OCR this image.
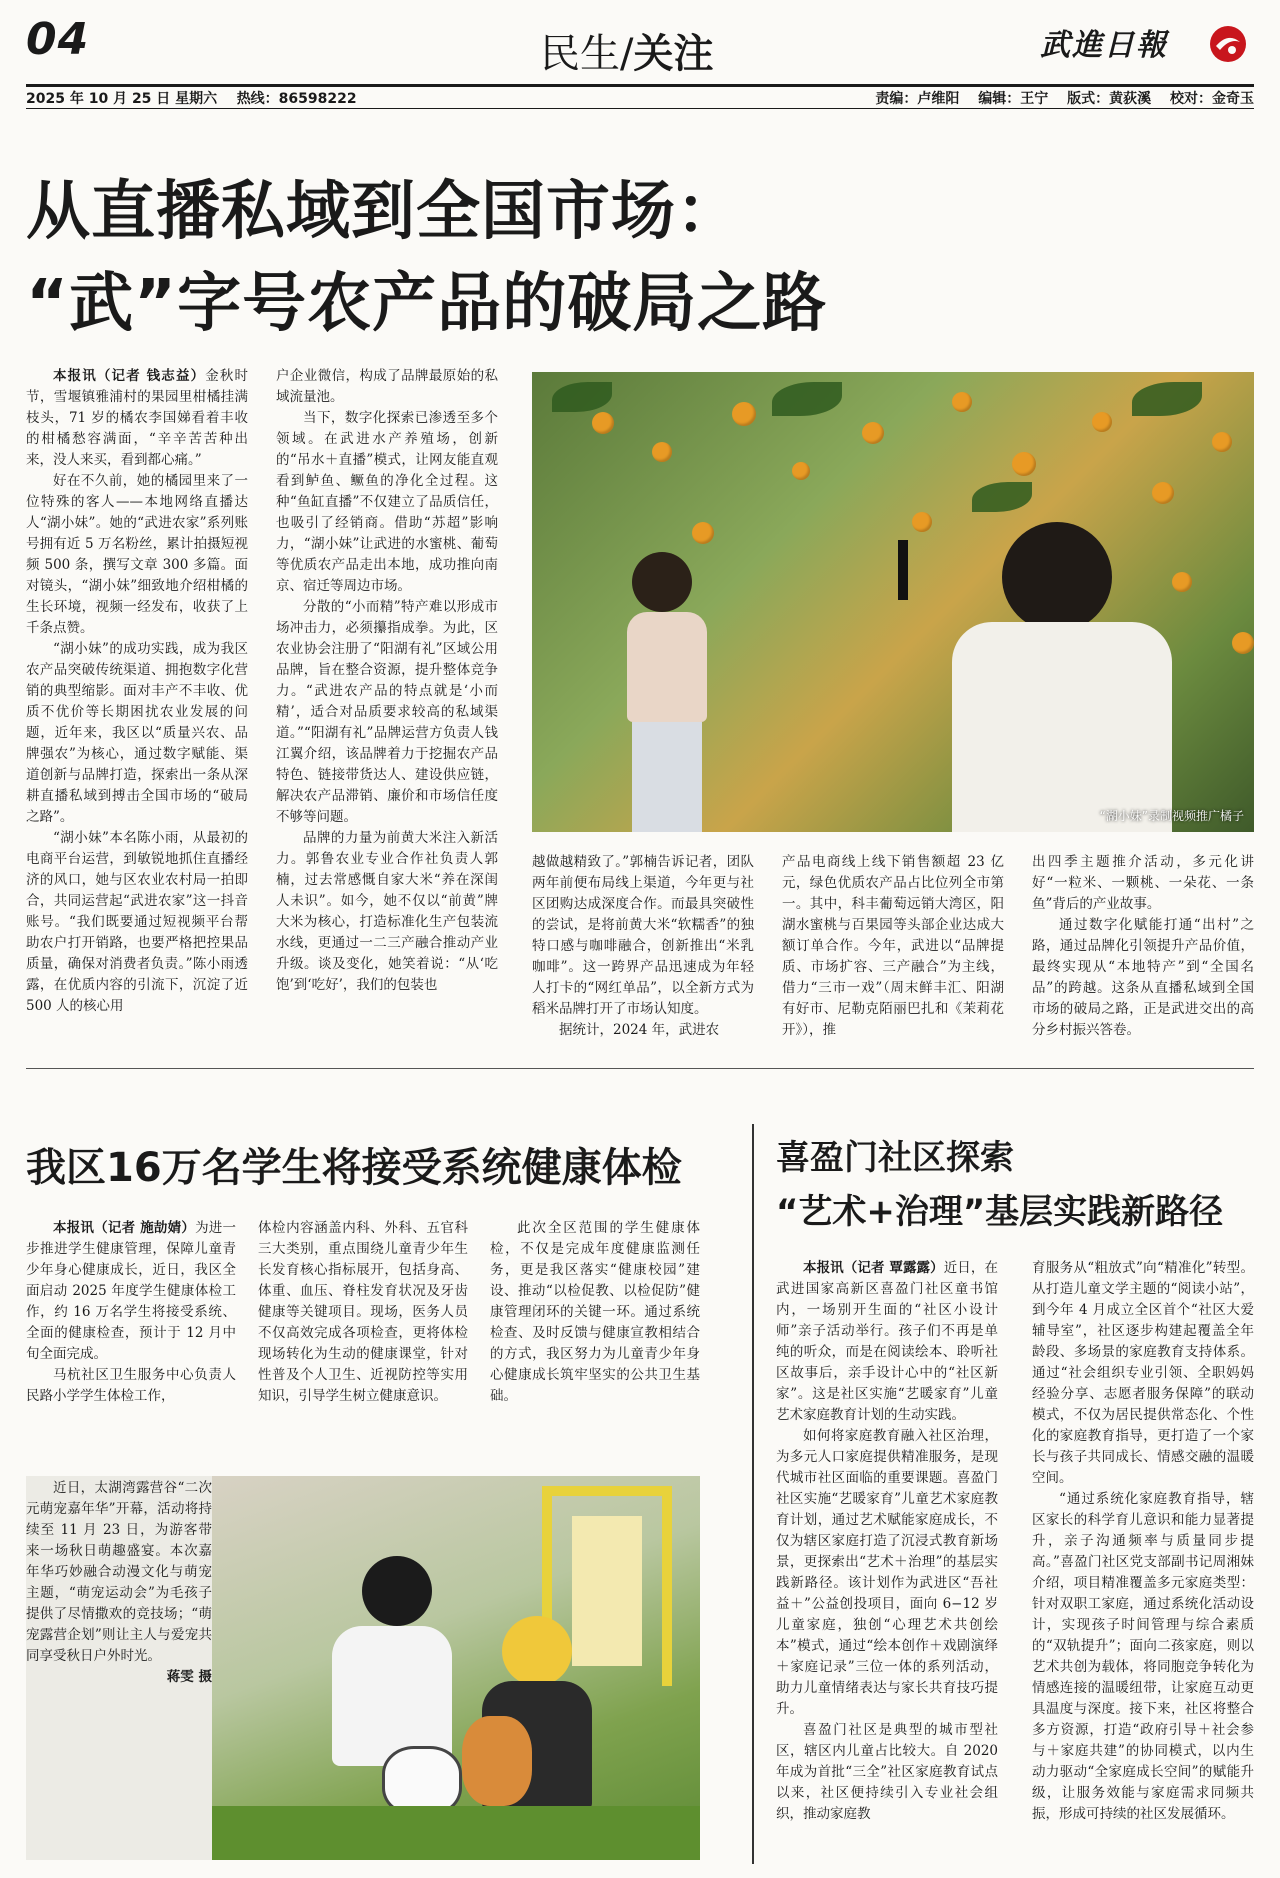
04	民生/关注	武進日報
2025 年 10 月 25 日 星期六 热线：86598222	责编：卢维阳 编辑：王宁 版式：黄荻溪 校对：金奇玉
从直播私域到全国市场：
“武”字号农产品的破局之路

本报讯（记者 钱志益）金秋时节，雪堰镇雅浦村的果园里柑橘挂满枝头，71 岁的橘农李国娣看着丰收的柑橘愁容满面，“辛辛苦苦种出来，没人来买，看到都心痛。”

好在不久前，她的橘园里来了一位特殊的客人——本地网络直播达人“湖小妹”。她的“武进农家”系列账号拥有近 5 万名粉丝，累计拍摄短视频 500 条，撰写文章 300 多篇。面对镜头，“湖小妹”细致地介绍柑橘的生长环境，视频一经发布，收获了上千条点赞。

“湖小妹”的成功实践，成为我区农产品突破传统渠道、拥抱数字化营销的典型缩影。面对丰产不丰收、优质不优价等长期困扰农业发展的问题，近年来，我区以“质量兴农、品牌强农”为核心，通过数字赋能、渠道创新与品牌打造，探索出一条从深耕直播私域到搏击全国市场的“破局之路”。

“湖小妹”本名陈小雨，从最初的电商平台运营，到敏锐地抓住直播经济的风口，她与区农业农村局一拍即合，共同运营起“武进农家”这一抖音账号。“我们既要通过短视频平台帮助农户打开销路，也要严格把控果品质量，确保对消费者负责。”陈小雨透露，在优质内容的引流下，沉淀了近 500 人的核心用

户企业微信，构成了品牌最原始的私域流量池。

当下，数字化探索已渗透至多个领域。在武进水产养殖场，创新的“吊水＋直播”模式，让网友能直观看到鲈鱼、鳜鱼的净化全过程。这种“鱼缸直播”不仅建立了品质信任，也吸引了经销商。借助“苏超”影响力，“湖小妹”让武进的水蜜桃、葡萄等优质农产品走出本地，成功推向南京、宿迁等周边市场。

分散的“小而精”特产难以形成市场冲击力，必须攥指成拳。为此，区农业协会注册了“阳湖有礼”区域公用品牌，旨在整合资源，提升整体竞争力。“武进农产品的特点就是‘小而精’，适合对品质要求较高的私域渠道。”“阳湖有礼”品牌运营方负责人钱江翼介绍，该品牌着力于挖掘农产品特色、链接带货达人、建设供应链，解决农产品滞销、廉价和市场信任度不够等问题。

品牌的力量为前黄大米注入新活力。郭鲁农业专业合作社负责人郭楠，过去常感慨自家大米“养在深闺人未识”。如今，她不仅以“前黄”牌大米为核心，打造标准化生产包装流水线，更通过一二三产融合推动产业升级。谈及变化，她笑着说：“从‘吃饱’到‘吃好’，我们的包装也

“湖小妹”录制视频推广橘子

越做越精致了。”郭楠告诉记者，团队两年前便布局线上渠道，今年更与社区团购达成深度合作。而最具突破性的尝试，是将前黄大米“软糯香”的独特口感与咖啡融合，创新推出“米乳咖啡”。这一跨界产品迅速成为年轻人打卡的“网红单品”，以全新方式为稻米品牌打开了市场认知度。

据统计，2024 年，武进农

产品电商线上线下销售额超 23 亿元，绿色优质农产品占比位列全市第一。其中，科丰葡萄远销大湾区，阳湖水蜜桃与百果园等头部企业达成大额订单合作。今年，武进以“品牌提质、市场扩容、三产融合”为主线，借力“三市一戏”（周末鲜丰汇、阳湖有好市、尼勒克陌丽巴扎和《茉莉花开》），推

出四季主题推介活动，多元化讲好“一粒米、一颗桃、一朵花、一条鱼”背后的产业故事。

通过数字化赋能打通“出村”之路，通过品牌化引领提升产品价值，最终实现从“本地特产”到“全国名品”的跨越。这条从直播私域到全国市场的破局之路，正是武进交出的高分乡村振兴答卷。

我区16万名学生将接受系统健康体检

本报讯（记者 施劼婧）为进一步推进学生健康管理，保障儿童青少年身心健康成长，近日，我区全面启动 2025 年度学生健康体检工作，约 16 万名学生将接受系统、全面的健康检查，预计于 12 月中旬全面完成。

马杭社区卫生服务中心负责人民路小学学生体检工作，

体检内容涵盖内科、外科、五官科三大类别，重点围绕儿童青少年生长发育核心指标展开，包括身高、体重、血压、脊柱发育状况及牙齿健康等关键项目。现场，医务人员不仅高效完成各项检查，更将体检现场转化为生动的健康课堂，针对性普及个人卫生、近视防控等实用知识，引导学生树立健康意识。

此次全区范围的学生健康体检，不仅是完成年度健康监测任务，更是我区落实“健康校园”建设、推动“以检促教、以检促防”健康管理闭环的关键一环。通过系统检查、及时反馈与健康宣教相结合的方式，我区努力为儿童青少年身心健康成长筑牢坚实的公共卫生基础。

近日，太湖湾露营谷“二次元萌宠嘉年华”开幕，活动将持续至 11 月 23 日，为游客带来一场秋日萌趣盛宴。本次嘉年华巧妙融合动漫文化与萌宠主题，“萌宠运动会”为毛孩子提供了尽情撒欢的竞技场；“萌宠露营企划”则让主人与爱宠共同享受秋日户外时光。

蒋雯 摄

喜盈门社区探索
“艺术+治理”基层实践新路径

本报讯（记者 覃露露）近日，在武进国家高新区喜盈门社区童书馆内，一场别开生面的“社区小设计师”亲子活动举行。孩子们不再是单纯的听众，而是在阅读绘本、聆听社区故事后，亲手设计心中的“社区新家”。这是社区实施“艺暖家育”儿童艺术家庭教育计划的生动实践。

如何将家庭教育融入社区治理，为多元人口家庭提供精准服务，是现代城市社区面临的重要课题。喜盈门社区实施“艺暖家育”儿童艺术家庭教育计划，通过艺术赋能家庭成长，不仅为辖区家庭打造了沉浸式教育新场景，更探索出“艺术＋治理”的基层实践新路径。该计划作为武进区“吾社益＋”公益创投项目，面向 6−12 岁儿童家庭，独创“心理艺术共创绘本”模式，通过“绘本创作＋戏剧演绎＋家庭记录”三位一体的系列活动，助力儿童情绪表达与家长共育技巧提升。

喜盈门社区是典型的城市型社区，辖区内儿童占比较大。自 2020 年成为首批“三全”社区家庭教育试点以来，社区便持续引入专业社会组织，推动家庭教

育服务从“粗放式”向“精准化”转型。从打造儿童文学主题的“阅读小站”，到今年 4 月成立全区首个“社区大爱辅导室”，社区逐步构建起覆盖全年龄段、多场景的家庭教育支持体系。通过“社会组织专业引领、全职妈妈经验分享、志愿者服务保障”的联动模式，不仅为居民提供常态化、个性化的家庭教育指导，更打造了一个家长与孩子共同成长、情感交融的温暖空间。

“通过系统化家庭教育指导，辖区家长的科学育儿意识和能力显著提升，亲子沟通频率与质量同步提高。”喜盈门社区党支部副书记周湘妹介绍，项目精准覆盖多元家庭类型：针对双职工家庭，通过系统化活动设计，实现孩子时间管理与综合素质的“双轨提升”；面向二孩家庭，则以艺术共创为载体，将同胞竞争转化为情感连接的温暖纽带，让家庭互动更具温度与深度。接下来，社区将整合多方资源，打造“政府引导＋社会参与＋家庭共建”的协同模式，以内生动力驱动“全家庭成长空间”的赋能升级，让服务效能与家庭需求同频共振，形成可持续的社区发展循环。
